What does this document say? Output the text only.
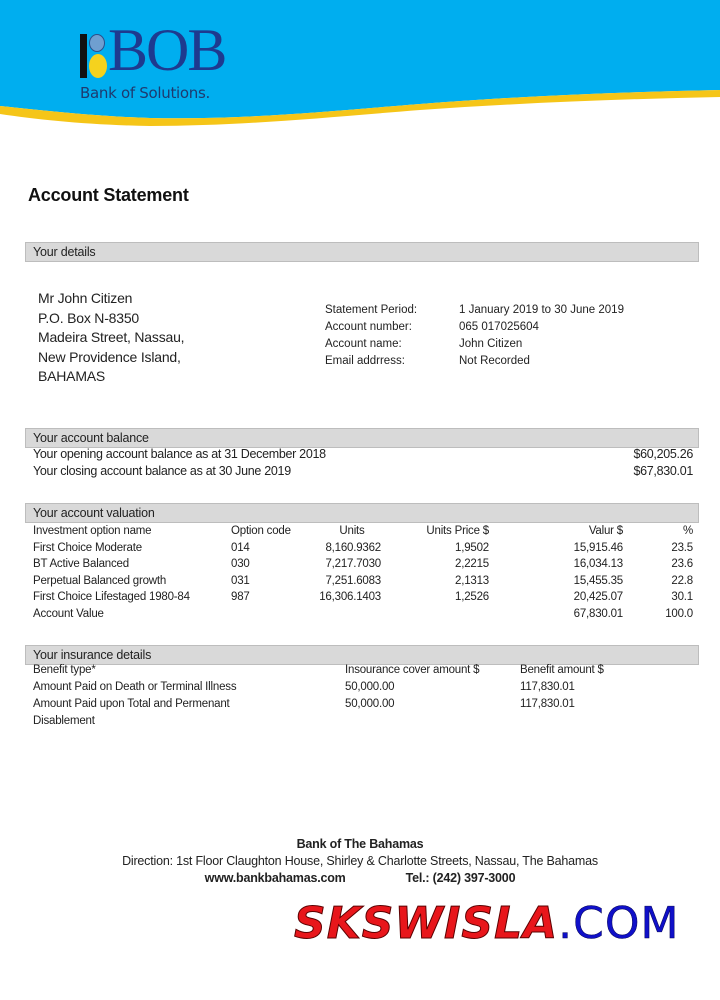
BOB
Bank of Solutions.
Account Statement
Your details
Mr John Citizen
P.O. Box N-8350
Madeira Street, Nassau,
New Providence Island,
BAHAMAS
Statement Period:	1 January 2019 to 30 June 2019
Account number:	065 017025604
Account name:	John Citizen
Email addrress:	Not Recorded
Your account balance
Your opening account balance as at 31 December 2018	$60,205.26
Your closing account balance as at 30 June 2019	$67,830.01
Your account valuation
Investment option name	Option code	Units	Units Price $	Valur $	%
First Choice Moderate	014	8,160.9362	1,9502	15,915.46	23.5
BT Active Balanced	030	7,217.7030	2,2215	16,034.13	23.6
Perpetual Balanced growth	031	7,251.6083	2,1313	15,455.35	22.8
First Choice Lifestaged 1980-84	987	16,306.1403	1,2526	20,425.07	30.1
Account Value				67,830.01	100.0
Your insurance details
Benefit type*	Insourance cover amount $	Benefit amount $
Amount Paid on Death or Terminal Illness	50,000.00	117,830.01
Amount Paid upon Total and Permenant	50,000.00	117,830.01
Disablement		
Bank of The Bahamas
Direction: 1st Floor Claughton House, Shirley & Charlotte Streets, Nassau, The Bahamas
www.bankbahamas.com	Tel.: (242) 397-3000
SKSWISLA.COM
